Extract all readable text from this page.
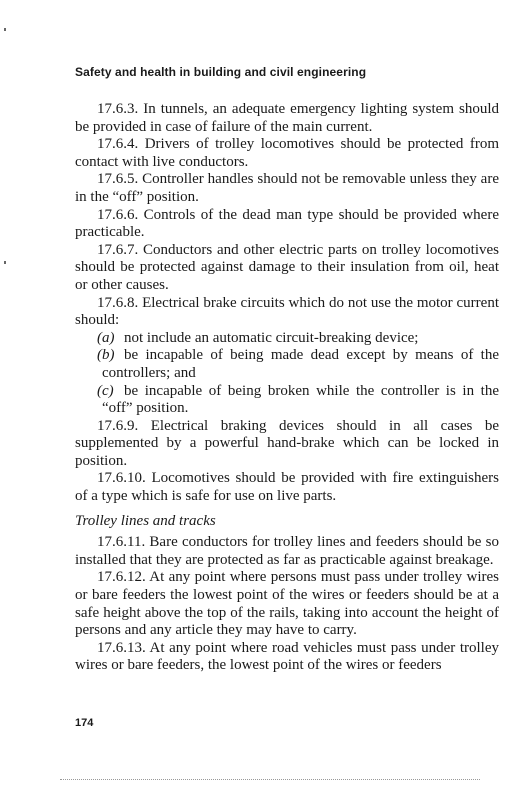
Safety and health in building and civil engineering

17.6.3. In tunnels, an adequate emergency lighting system should be provided in case of failure of the main current.

17.6.4. Drivers of trolley locomotives should be protected from contact with live conductors.

17.6.5. Controller handles should not be removable unless they are in the “off” position.

17.6.6. Controls of the dead man type should be provided where practicable.

17.6.7. Conductors and other electric parts on trolley locomotives should be protected against damage to their insulation from oil, heat or other causes.

17.6.8. Electrical brake circuits which do not use the motor current should:

(a) not include an automatic circuit-breaking device;

(b) be incapable of being made dead except by means of the controllers; and

(c) be incapable of being broken while the controller is in the “off” position.

17.6.9. Electrical braking devices should in all cases be supplemented by a powerful hand-brake which can be locked in position.

17.6.10. Locomotives should be provided with fire extinguishers of a type which is safe for use on live parts.

Trolley lines and tracks

17.6.11. Bare conductors for trolley lines and feeders should be so installed that they are protected as far as practicable against breakage.

17.6.12. At any point where persons must pass under trolley wires or bare feeders the lowest point of the wires or feeders should be at a safe height above the top of the rails, taking into account the height of persons and any article they may have to carry.

17.6.13. At any point where road vehicles must pass under trolley wires or bare feeders, the lowest point of the wires or feeders

174
